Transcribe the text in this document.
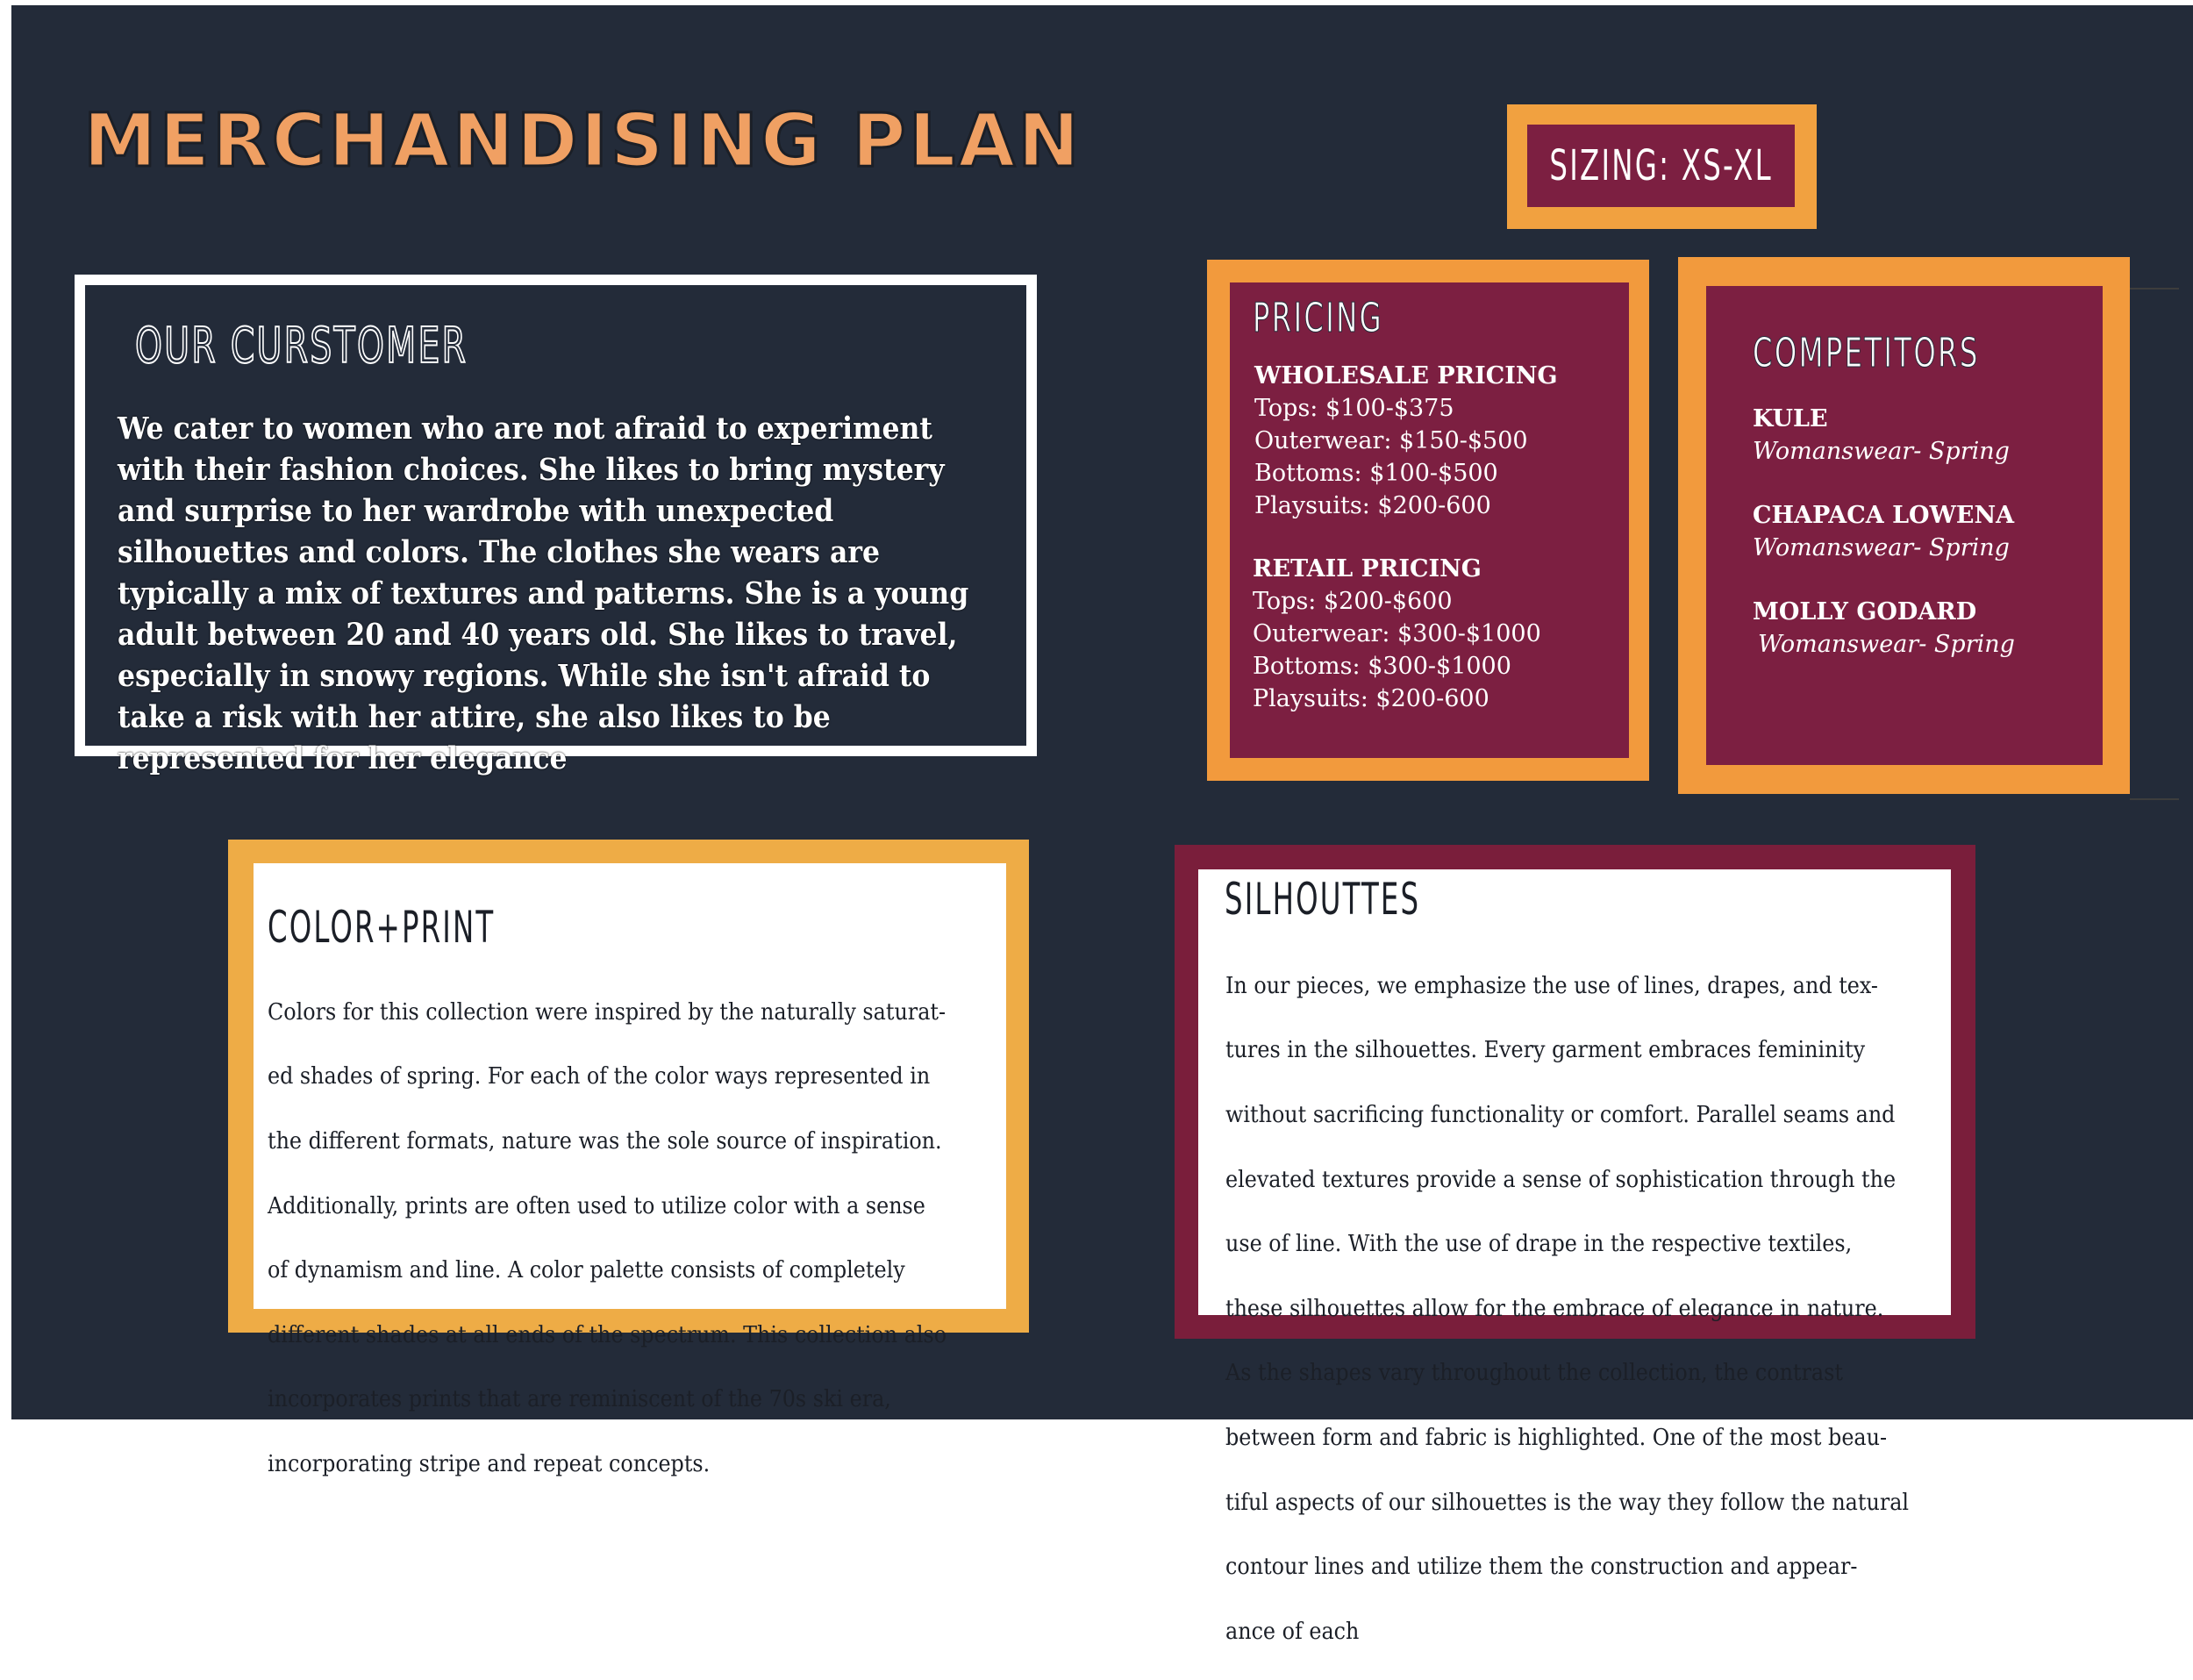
MERCHANDISING PLAN	SIZING: XS-XL
OUR CURSTOMER
We cater to women who are not afraid to experiment with their fashion choices. She likes to bring mystery and surprise to her wardrobe with unexpected silhouettes and colors. The clothes she wears are typically a mix of textures and patterns. She is a young adult between 20 and 40 years old. She likes to travel, especially in snowy regions. While she isn't afraid to take a risk with her attire, she also likes to be represented for her elegance
PRICING
WHOLESALE PRICING
Tops: $100-$375
Outerwear: $150-$500
Bottoms: $100-$500
Playsuits: $200-600
RETAIL PRICING
Tops: $200-$600
Outerwear: $300-$1000
Bottoms: $300-$1000
Playsuits: $200-600
COMPETITORS
KULE
Womanswear- Spring
CHAPACA LOWENA
Womanswear- Spring
MOLLY GODARD
Womanswear- Spring
COLOR+PRINT

Colors for this collection were inspired by the naturally saturat-

ed shades of spring. For each of the color ways represented in

the different formats, nature was the sole source of inspiration.

Additionally, prints are often used to utilize color with a sense

of dynamism and line. A color palette consists of completely

different shades at all ends of the spectrum. This collection also

incorporates prints that are reminiscent of the 70s ski era,

incorporating stripe and repeat concepts.

SILHOUTTES

In our pieces, we emphasize the use of lines, drapes, and tex-

tures in the silhouettes. Every garment embraces femininity

without sacrificing functionality or comfort. Parallel seams and

elevated textures provide a sense of sophistication through the

use of line. With the use of drape in the respective textiles,

these silhouettes allow for the embrace of elegance in nature.

As the shapes vary throughout the collection, the contrast

between form and fabric is highlighted. One of the most beau-

tiful aspects of our silhouettes is the way they follow the natural

contour lines and utilize them the construction and appear-

ance of each
